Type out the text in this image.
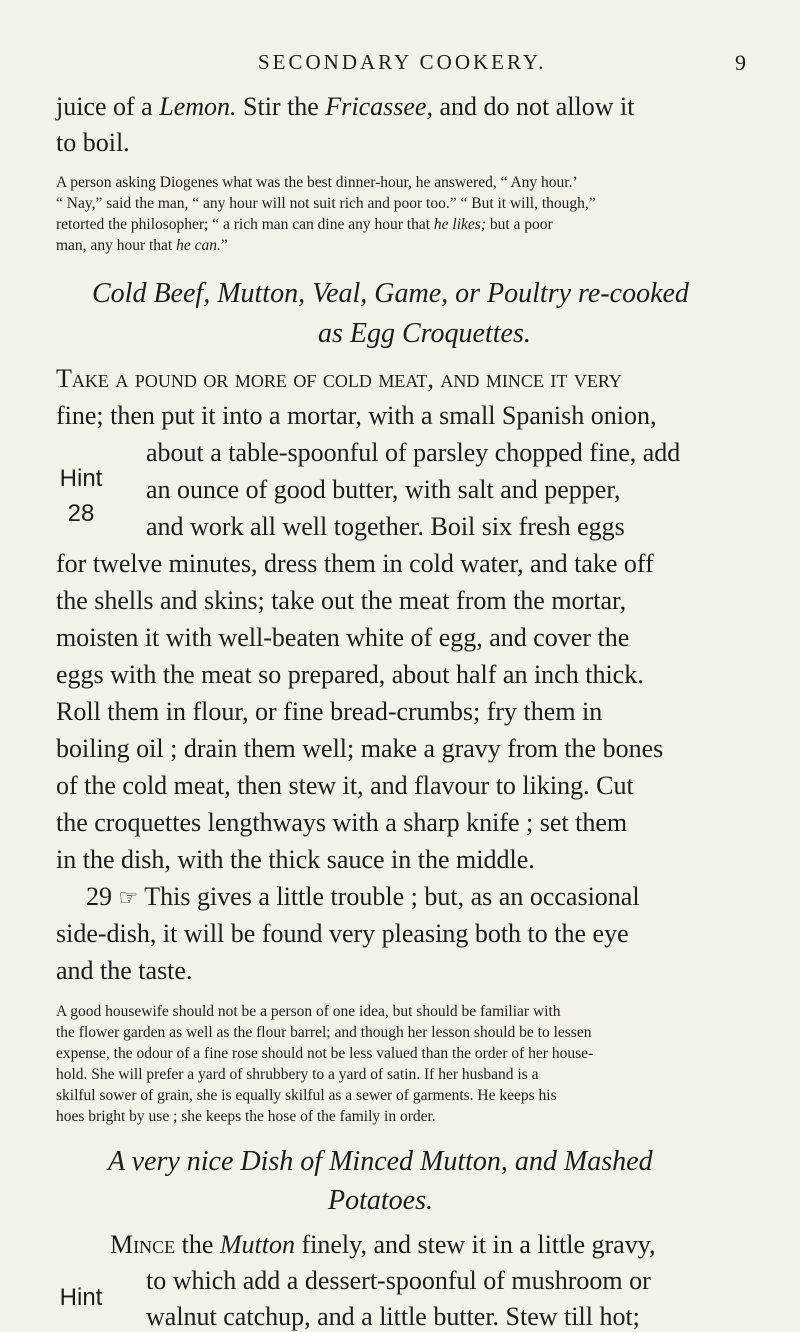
SECONDARY COOKERY.	9
juice of a Lemon. Stir the Fricassee, and do not allow it
to boil.
A person asking Diogenes what was the best dinner-hour, he answered, “ Any hour.’
“ Nay,” said the man, “ any hour will not suit rich and poor too.” “ But it will, though,”
retorted the philosopher; “ a rich man can dine any hour that he likes; but a poor
man, any hour that he can.”
Cold Beef, Mutton, Veal, Game, or Poultry re-cooked
as Egg Croquettes.
Take a pound or more of cold meat, and mince it very
fine; then put it into a mortar, with a small Spanish onion,
about a table-spoonful of parsley chopped fine, add
an ounce of good butter, with salt and pepper,
and work all well together. Boil six fresh eggs
Hint
28
for twelve minutes, dress them in cold water, and take off
the shells and skins; take out the meat from the mortar,
moisten it with well-beaten white of egg, and cover the
eggs with the meat so prepared, about half an inch thick.
Roll them in flour, or fine bread-crumbs; fry them in
boiling oil ; drain them well; make a gravy from the bones
of the cold meat, then stew it, and flavour to liking. Cut
the croquettes lengthways with a sharp knife ; set them
in the dish, with the thick sauce in the middle.
29 ☞ This gives a little trouble ; but, as an occasional
side-dish, it will be found very pleasing both to the eye
and the taste.
A good housewife should not be a person of one idea, but should be familiar with
the flower garden as well as the flour barrel; and though her lesson should be to lessen
expense, the odour of a fine rose should not be less valued than the order of her house-
hold. She will prefer a yard of shrubbery to a yard of satin. If her husband is a
skilful sower of grain, she is equally skilful as a sewer of garments. He keeps his
hoes bright by use ; she keeps the hose of the family in order.
A very nice Dish of Minced Mutton, and Mashed
Potatoes.
Mince the Mutton finely, and stew it in a little gravy,
to which add a dessert-spoonful of mushroom or
walnut catchup, and a little butter. Stew till hot;
Hint
